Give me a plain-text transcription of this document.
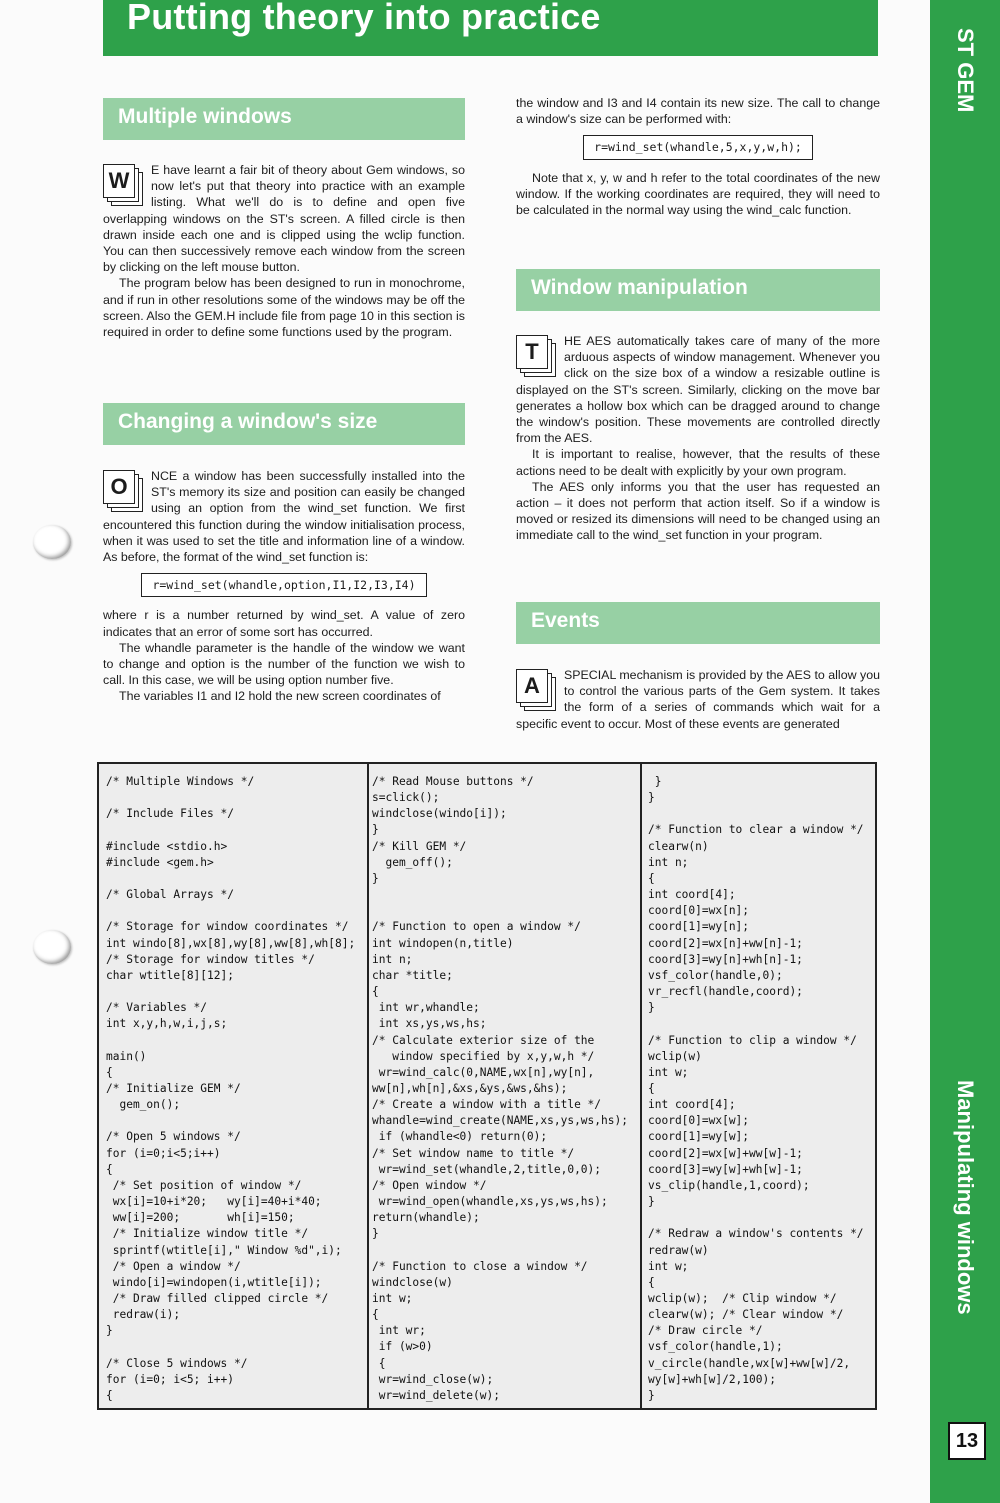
Putting theory into practice
ST GEM
Manipulating windows
13
Multiple windows
W	E have learnt a fair bit of theory about Gem windows, so now let's put that theory into practice with an example listing. What we'll do is to define and open five overlapping windows on the ST's screen. A filled circle is then drawn inside each one and is clipped using the wclip function. You can then successively remove each window from the screen by clicking on the left mouse button.

The program below has been designed to run in monochrome, and if run in other resolutions some of the windows may be off the screen. Also the GEM.H include file from page 10 in this section is required in order to define some functions used by the program.

Changing a window's size
O	NCE a window has been successfully installed into the ST's memory its size and position can easily be changed using an option from the wind_set function. We first encountered this function during the window initialisation process, when it was used to set the title and information line of a window. As before, the format of the wind_set function is:

r=wind_set(whandle,option,I1,I2,I3,I4)

where r is a number returned by wind_set. A value of zero indicates that an error of some sort has occurred.

The whandle parameter is the handle of the window we want to change and option is the number of the function we wish to call. In this case, we will be using option number five.

The variables I1 and I2 hold the new screen coordinates of

the window and I3 and I4 contain its new size. The call to change a window's size can be performed with:

r=wind_set(whandle,5,x,y,w,h);

Note that x, y, w and h refer to the total coordinates of the new window. If the working coordinates are required, they will need to be calculated in the normal way using the wind_calc function.

Window manipulation
T	HE AES automatically takes care of many of the more arduous aspects of window management. Whenever you click on the size box of a window a resizable outline is displayed on the ST's screen. Similarly, clicking on the move bar generates a hollow box which can be dragged around to change the window's position. These movements are controlled directly from the AES.

It is important to realise, however, that the results of these actions need to be dealt with explicitly by your own program.

The AES only informs you that the user has requested an action – it does not perform that action itself. So if a window is moved or resized its dimensions will need to be changed using an immediate call to the wind_set function in your program.

Events
A	SPECIAL mechanism is provided by the AES to allow you to control the various parts of the Gem system. It takes the form of a series of commands which wait for a specific event to occur. Most of these events are generated

/* Multiple Windows */

/* Include Files */

#include <stdio.h>
#include <gem.h>

/* Global Arrays */

/* Storage for window coordinates */
int windo[8],wx[8],wy[8],ww[8],wh[8];
/* Storage for window titles */
char wtitle[8][12];

/* Variables */
int x,y,h,w,i,j,s;

main()
{
/* Initialize GEM */
gem_on();

/* Open 5 windows */
for (i=0;i<5;i++)
{
/* Set position of window */
wx[i]=10+i*20;   wy[i]=40+i*40;
ww[i]=200;       wh[i]=150;
/* Initialize window title */
sprintf(wtitle[i]," Window %d",i);
/* Open a window */
windo[i]=windopen(i,wtitle[i]);
/* Draw filled clipped circle */
redraw(i);
}

/* Close 5 windows */
for (i=0; i<5; i++)
{
/* Read Mouse buttons */
s=click();
windclose(windo[i]);
}
/* Kill GEM */
gem_off();
}

/* Function to open a window */
int windopen(n,title)
int n;
char *title;
{
int wr,whandle;
int xs,ys,ws,hs;
/* Calculate exterior size of the
window specified by x,y,w,h */
wr=wind_calc(0,NAME,wx[n],wy[n],
ww[n],wh[n],&xs,&ys,&ws,&hs);
/* Create a window with a title */
whandle=wind_create(NAME,xs,ys,ws,hs);
if (whandle<0) return(0);
/* Set window name to title */
wr=wind_set(whandle,2,title,0,0);
/* Open window */
wr=wind_open(whandle,xs,ys,ws,hs);
return(whandle);
}

/* Function to close a window */
windclose(w)
int w;
{
int wr;
if (w>0)
{
wr=wind_close(w);
wr=wind_delete(w);
}
}

/* Function to clear a window */
clearw(n)
int n;
{
int coord[4];
coord[0]=wx[n];
coord[1]=wy[n];
coord[2]=wx[n]+ww[n]-1;
coord[3]=wy[n]+wh[n]-1;
vsf_color(handle,0);
vr_recfl(handle,coord);
}

/* Function to clip a window */
wclip(w)
int w;
{
int coord[4];
coord[0]=wx[w];
coord[1]=wy[w];
coord[2]=wx[w]+ww[w]-1;
coord[3]=wy[w]+wh[w]-1;
vs_clip(handle,1,coord);
}

/* Redraw a window's contents */
redraw(w)
int w;
{
wclip(w);  /* Clip window */
clearw(w); /* Clear window */
/* Draw circle */
vsf_color(handle,1);
v_circle(handle,wx[w]+ww[w]/2,
wy[w]+wh[w]/2,100);
}
